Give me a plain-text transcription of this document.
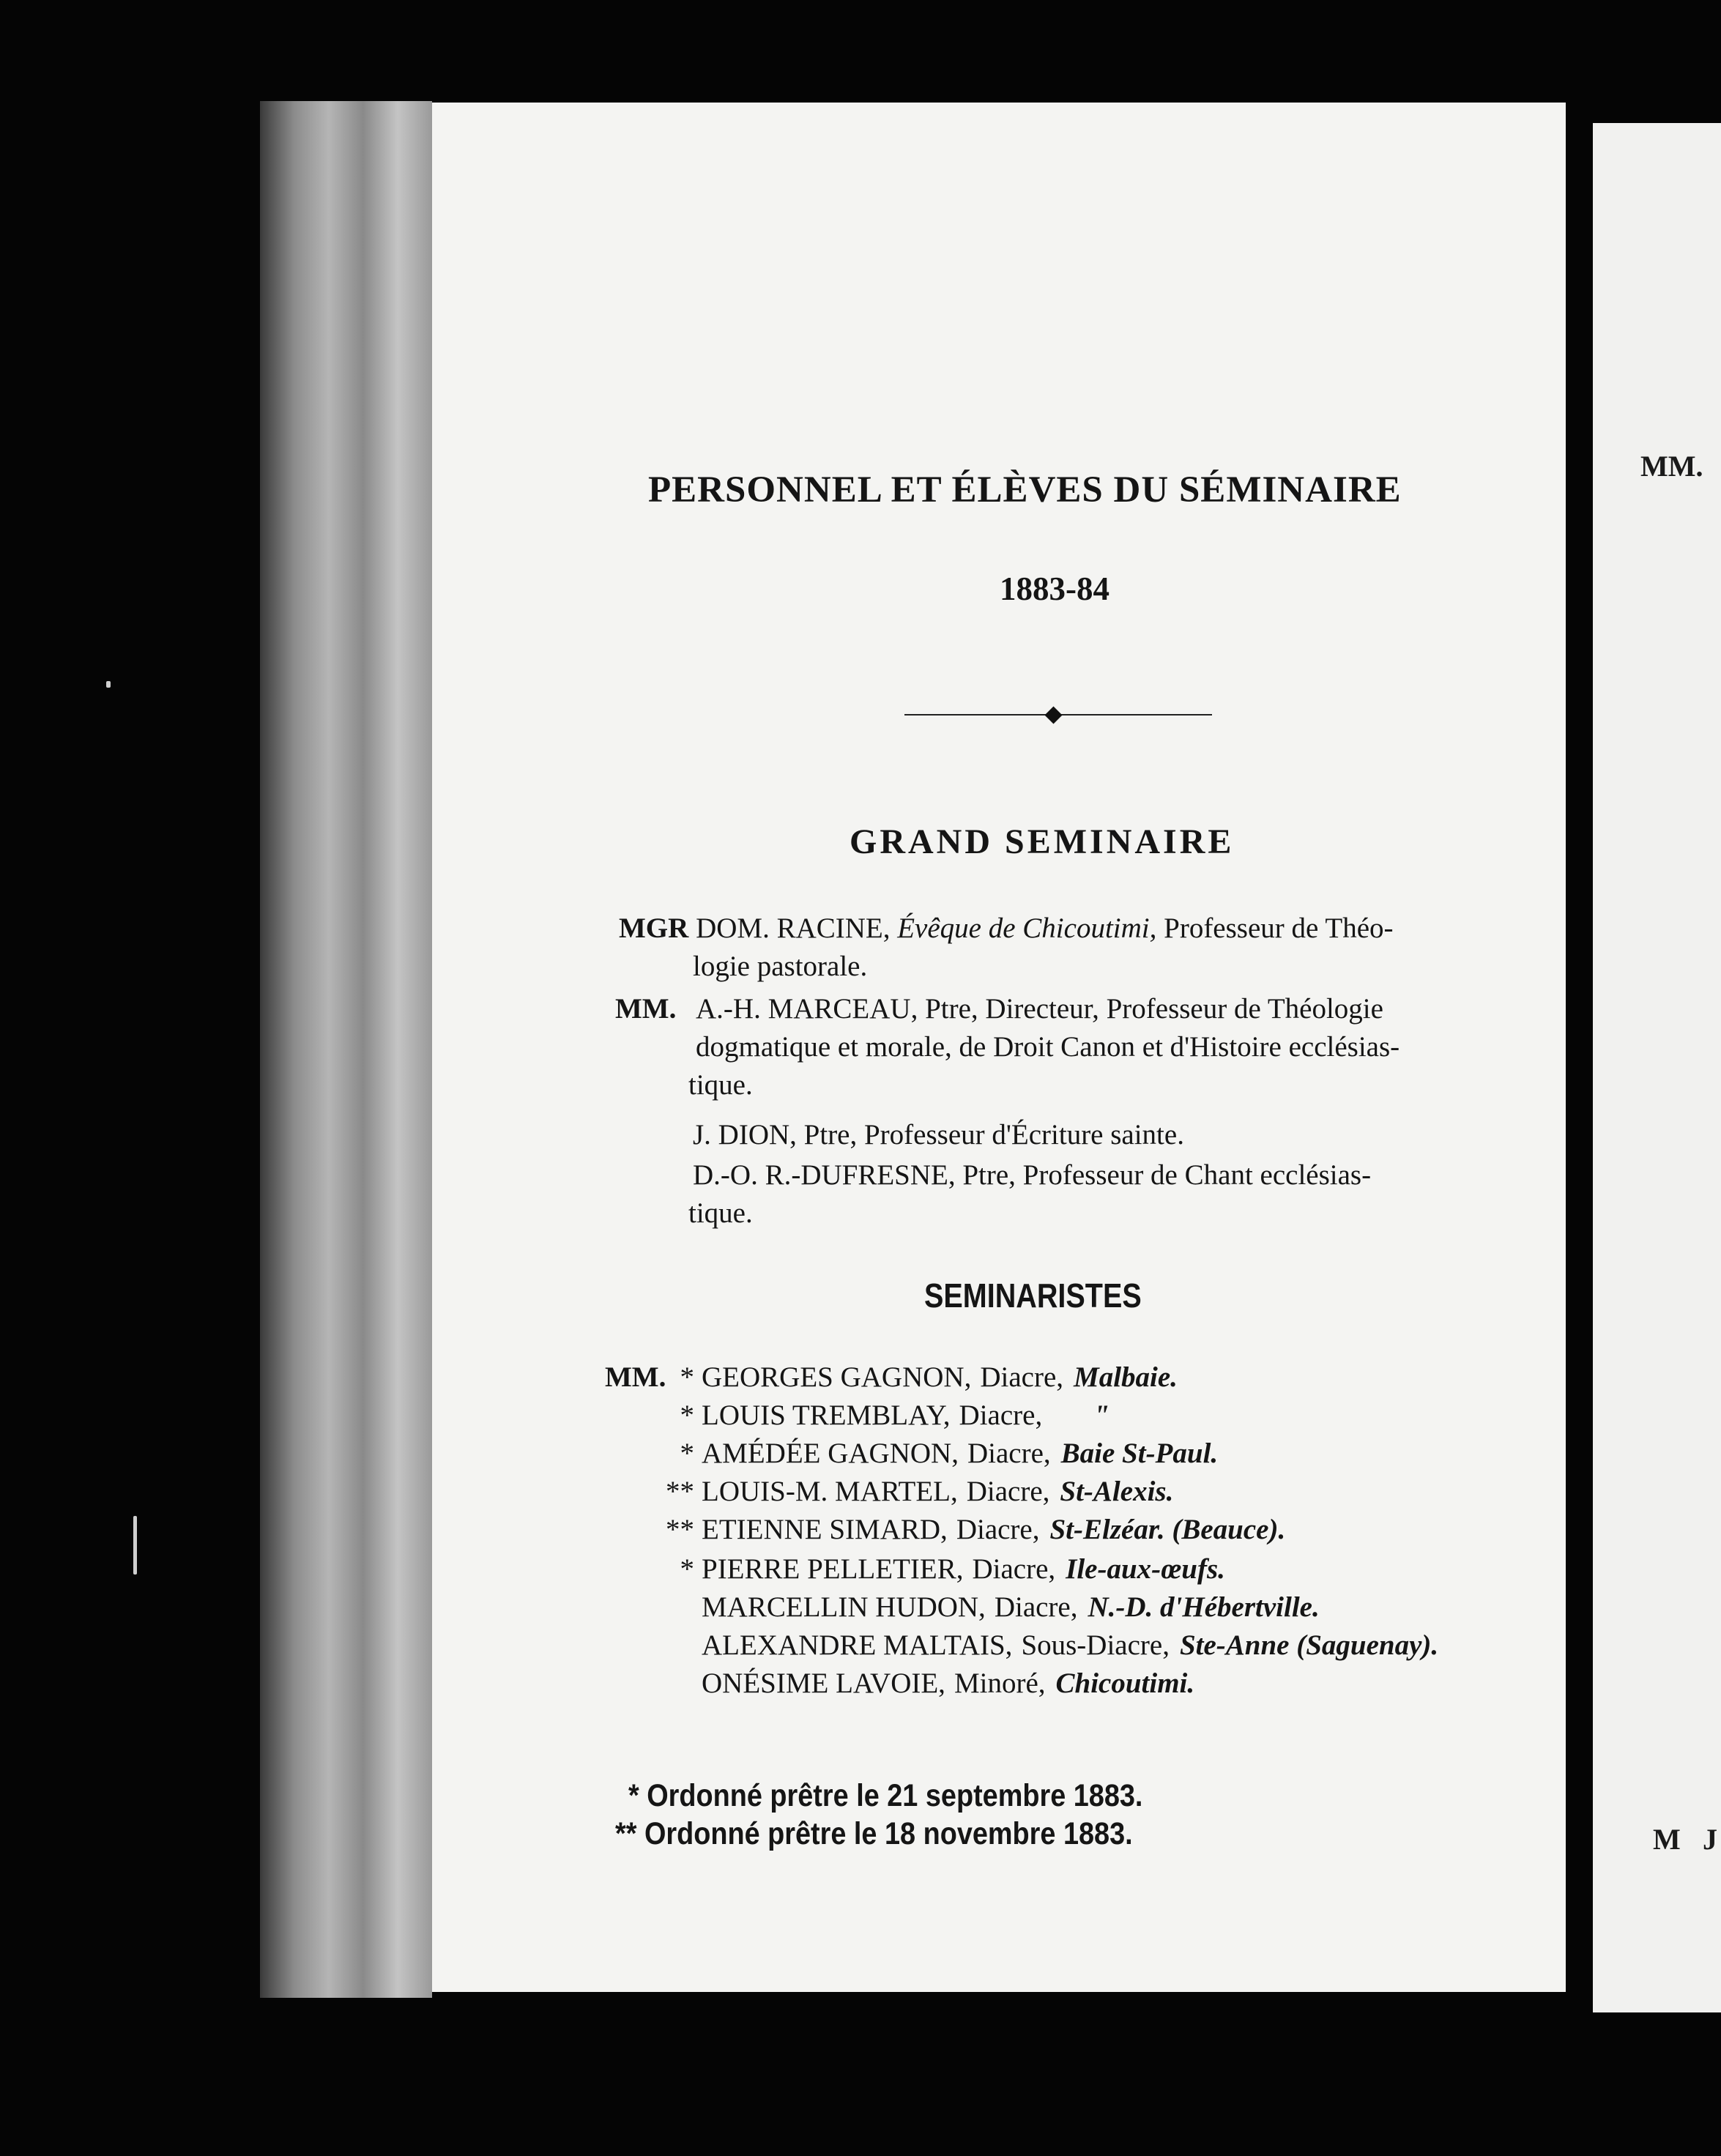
MM.
M J
PERSONNEL ET ÉLÈVES DU SÉMINAIRE
1883-84
GRAND SEMINAIRE
MGR DOM. RACINE, Évêque de Chicoutimi, Professeur de Théo-
logie pastorale.
MM. A.-H. MARCEAU, Ptre, Directeur, Professeur de Théologie
dogmatique et morale, de Droit Canon et d'Histoire ecclésias-
tique.
J. DION, Ptre, Professeur d'Écriture sainte.
D.-O. R.-DUFRESNE, Ptre, Professeur de Chant ecclésias-
tique.
SEMINARISTES
MM. * GEORGES GAGNON, Diacre, Malbaie.
* LOUIS TREMBLAY, Diacre, "
* AMÉDÉE GAGNON, Diacre, Baie St-Paul.
** LOUIS-M. MARTEL, Diacre, St-Alexis.
** ETIENNE SIMARD, Diacre, St-Elzéar. (Beauce).
* PIERRE PELLETIER, Diacre, Ile-aux-œufs.
MARCELLIN HUDON, Diacre, N.-D. d'Hébertville.
ALEXANDRE MALTAIS, Sous-Diacre, Ste-Anne (Saguenay).
ONÉSIME LAVOIE, Minoré, Chicoutimi.
* Ordonné prêtre le 21 septembre 1883.
** Ordonné prêtre le 18 novembre 1883.
